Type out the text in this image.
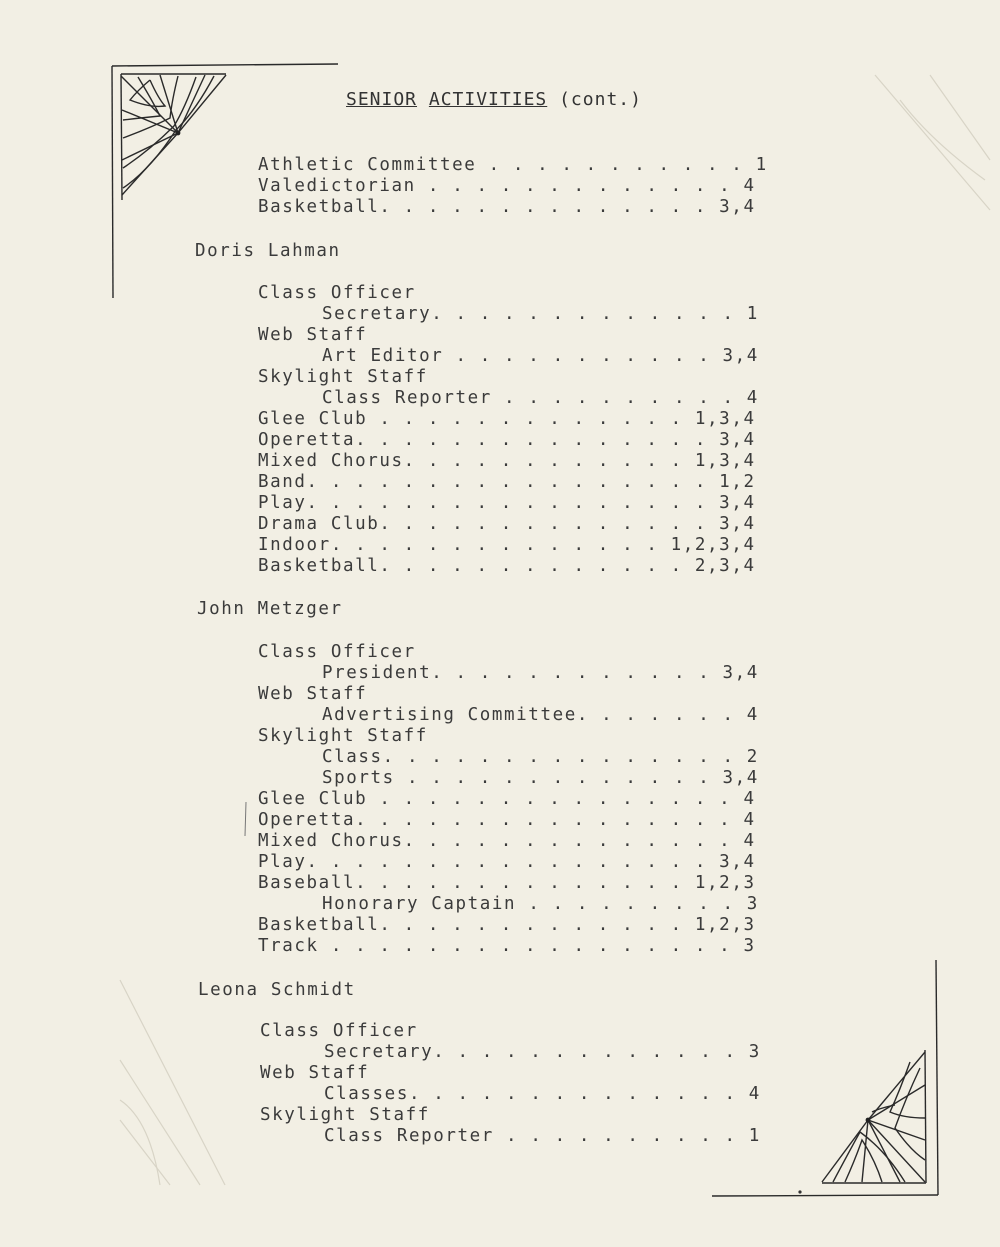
SENIOR ACTIVITIES (cont.)
Athletic Committee . . . . . . . . . . . 1
Valedictorian . . . . . . . . . . . . . 4
Basketball. . . . . . . . . . . . . . 3,4
Class Officer
Secretary. . . . . . . . . . . . . 1
Web Staff
Art Editor . . . . . . . . . . . 3,4
Skylight Staff
Class Reporter . . . . . . . . . . 4
Glee Club . . . . . . . . . . . . . 1,3,4
Operetta. . . . . . . . . . . . . . . 3,4
Mixed Chorus. . . . . . . . . . . . 1,3,4
Band. . . . . . . . . . . . . . . . . 1,2
Play. . . . . . . . . . . . . . . . . 3,4
Drama Club. . . . . . . . . . . . . . 3,4
Indoor. . . . . . . . . . . . . . 1,2,3,4
Basketball. . . . . . . . . . . . . 2,3,4
Class Officer
President. . . . . . . . . . . . 3,4
Web Staff
Advertising Committee. . . . . . . 4
Skylight Staff
Class. . . . . . . . . . . . . . . 2
Sports . . . . . . . . . . . . . 3,4
Glee Club . . . . . . . . . . . . . . . 4
Operetta. . . . . . . . . . . . . . . . 4
Mixed Chorus. . . . . . . . . . . . . . 4
Play. . . . . . . . . . . . . . . . . 3,4
Baseball. . . . . . . . . . . . . . 1,2,3
Honorary Captain . . . . . . . . . 3
Basketball. . . . . . . . . . . . . 1,2,3
Track . . . . . . . . . . . . . . . . . 3
Class Officer
Secretary. . . . . . . . . . . . . 3
Web Staff
Classes. . . . . . . . . . . . . . 4
Skylight Staff
Class Reporter . . . . . . . . . . 1
Doris Lahman
John Metzger
Leona Schmidt
